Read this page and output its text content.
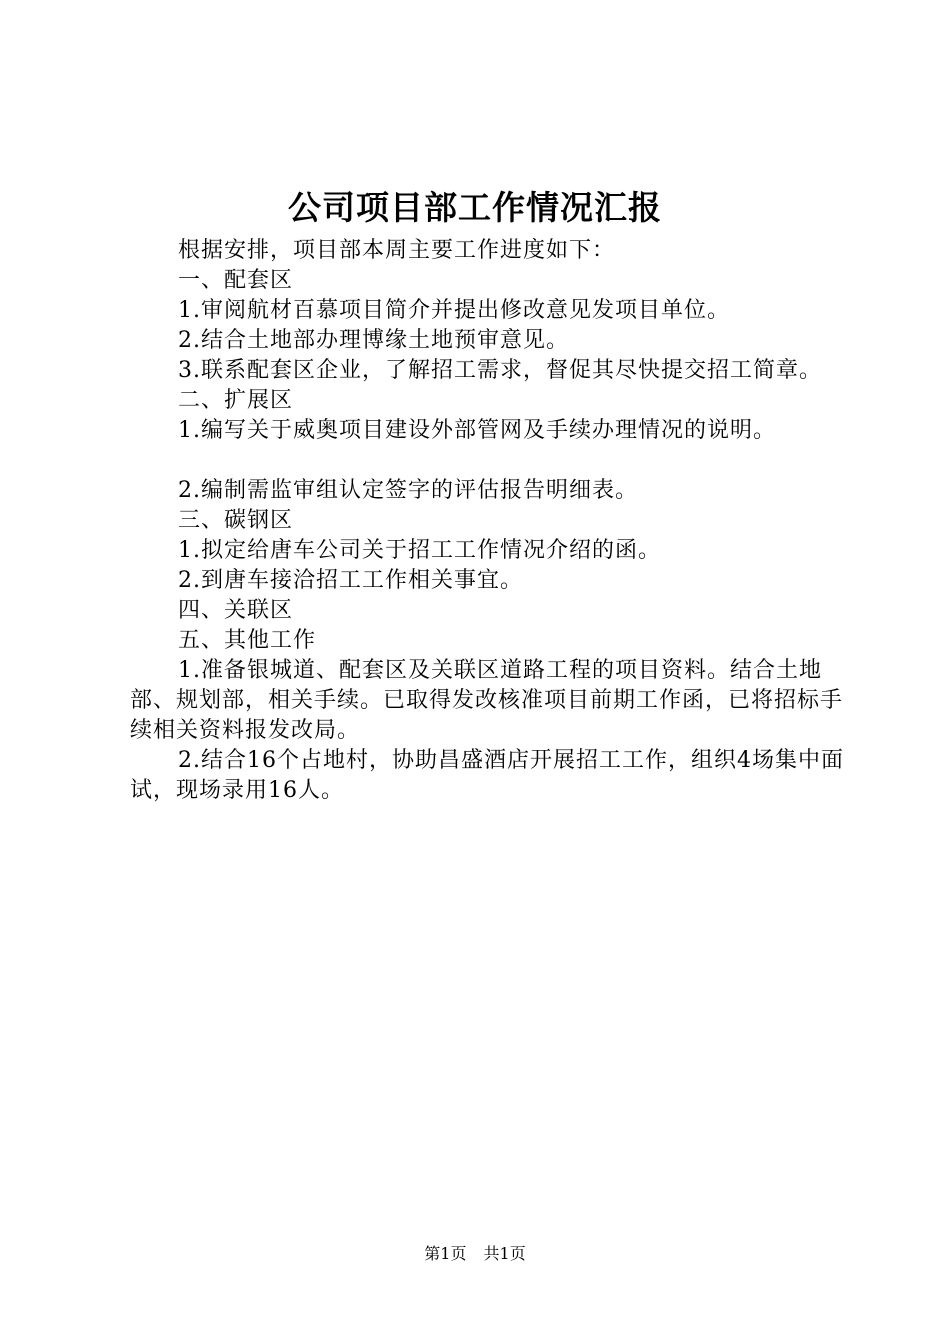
公司项目部工作情况汇报

根据安排，项目部本周主要工作进度如下：

一、配套区

1.审阅航材百慕项目简介并提出修改意见发项目单位。

2.结合土地部办理博缘土地预审意见。

3.联系配套区企业，了解招工需求，督促其尽快提交招工简章。

二、扩展区

1.编写关于威奥项目建设外部管网及手续办理情况的说明。

2.编制需监审组认定签字的评估报告明细表。

三、碳钢区

1.拟定给唐车公司关于招工工作情况介绍的函。

2.到唐车接洽招工工作相关事宜。

四、关联区

五、其他工作

1.准备银城道、配套区及关联区道路工程的项目资料。结合土地部、规划部，相关手续。已取得发改核准项目前期工作函，已将招标手续相关资料报发改局。

2.结合16个占地村，协助昌盛酒店开展招工工作，组织4场集中面试，现场录用16人。

第1页 共1页
